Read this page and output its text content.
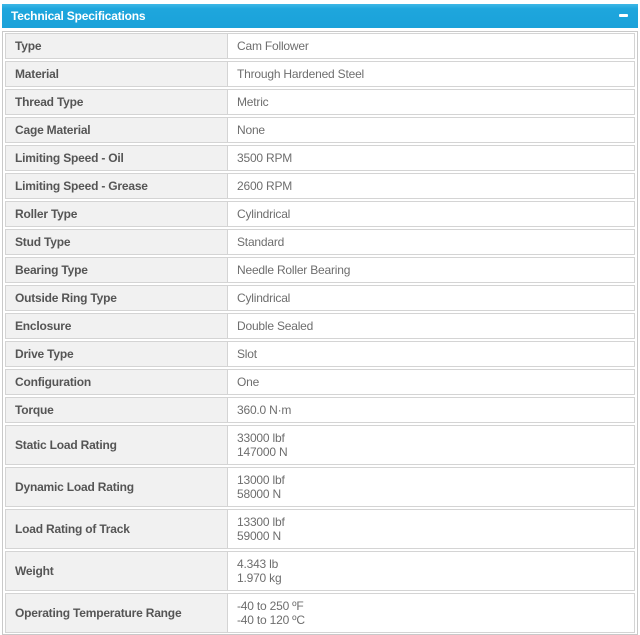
Technical Specifications
Type	Cam Follower
Material	Through Hardened Steel
Thread Type	Metric
Cage Material	None
Limiting Speed - Oil	3500 RPM
Limiting Speed - Grease	2600 RPM
Roller Type	Cylindrical
Stud Type	Standard
Bearing Type	Needle Roller Bearing
Outside Ring Type	Cylindrical
Enclosure	Double Sealed
Drive Type	Slot
Configuration	One
Torque	360.0 N·m
Static Load Rating	33000 lbf
147000 N
Dynamic Load Rating	13000 lbf
58000 N
Load Rating of Track	13300 lbf
59000 N
Weight	4.343 lb
1.970 kg
Operating Temperature Range	-40 to 250 ºF
-40 to 120 ºC
